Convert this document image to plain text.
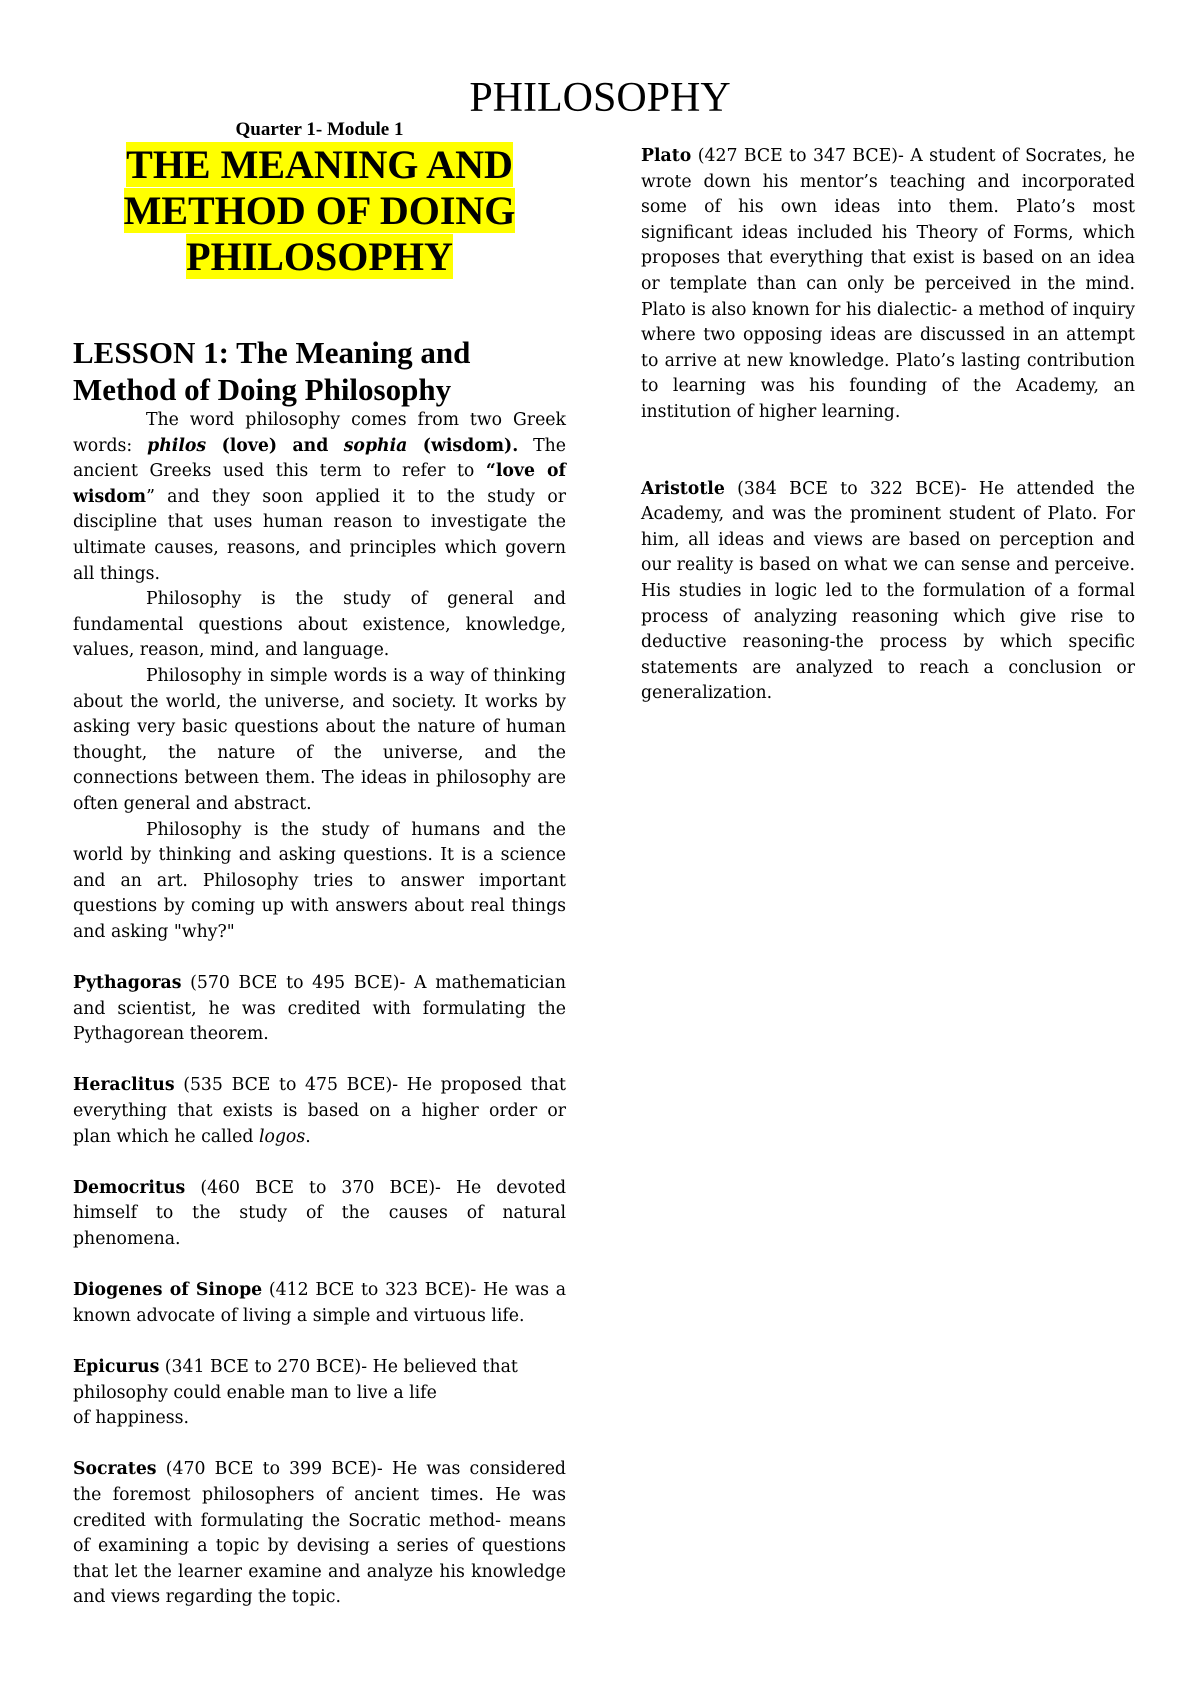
PHILOSOPHY
Quarter 1- Module 1
THE MEANING AND
METHOD OF DOING
PHILOSOPHY
LESSON 1: The Meaning and Method of Doing Philosophy

The word philosophy comes from two Greek words: philos (love) and sophia (wisdom). The ancient Greeks used this term to refer to “love of wisdom” and they soon applied it to the study or discipline that uses human reason to investigate the ultimate causes, reasons, and principles which govern all things.

Philosophy is the study of general and fundamental questions about existence, knowledge, values, reason, mind, and language.

Philosophy in simple words is a way of thinking about the world, the universe, and society. It works by asking very basic questions about the nature of human thought, the nature of the universe, and the connections between them. The ideas in philosophy are often general and abstract.

Philosophy is the study of humans and the world by thinking and asking questions. It is a science and an art. Philosophy tries to answer important questions by coming up with answers about real things and asking "why?"

Pythagoras (570 BCE to 495 BCE)- A mathematician and scientist, he was credited with formulating the Pythagorean theorem.

Heraclitus (535 BCE to 475 BCE)- He proposed that everything that exists is based on a higher order or plan which he called logos.

Democritus (460 BCE to 370 BCE)- He devoted himself to the study of the causes of natural phenomena.

Diogenes of Sinope (412 BCE to 323 BCE)- He was a known advocate of living a simple and virtuous life.

Epicurus (341 BCE to 270 BCE)- He believed that philosophy could enable man to live a life
of happiness.

Socrates (470 BCE to 399 BCE)- He was considered the foremost philosophers of ancient times. He was credited with formulating the Socratic method- means of examining a topic by devising a series of questions that let the learner examine and analyze his knowledge and views regarding the topic.

Plato (427 BCE to 347 BCE)- A student of Socrates, he wrote down his mentor’s teaching and incorporated some of his own ideas into them. Plato’s most significant ideas included his Theory of Forms, which proposes that everything that exist is based on an idea or template than can only be perceived in the mind. Plato is also known for his dialectic- a method of inquiry where two opposing ideas are discussed in an attempt to arrive at new knowledge. Plato’s lasting contribution to learning was his founding of the Academy, an institution of higher learning.

Aristotle (384 BCE to 322 BCE)- He attended the Academy, and was the prominent student of Plato. For him, all ideas and views are based on perception and our reality is based on what we can sense and perceive. His studies in logic led to the formulation of a formal process of analyzing reasoning which give rise to deductive reasoning-the process by which specific statements are analyzed to reach a conclusion or generalization.
